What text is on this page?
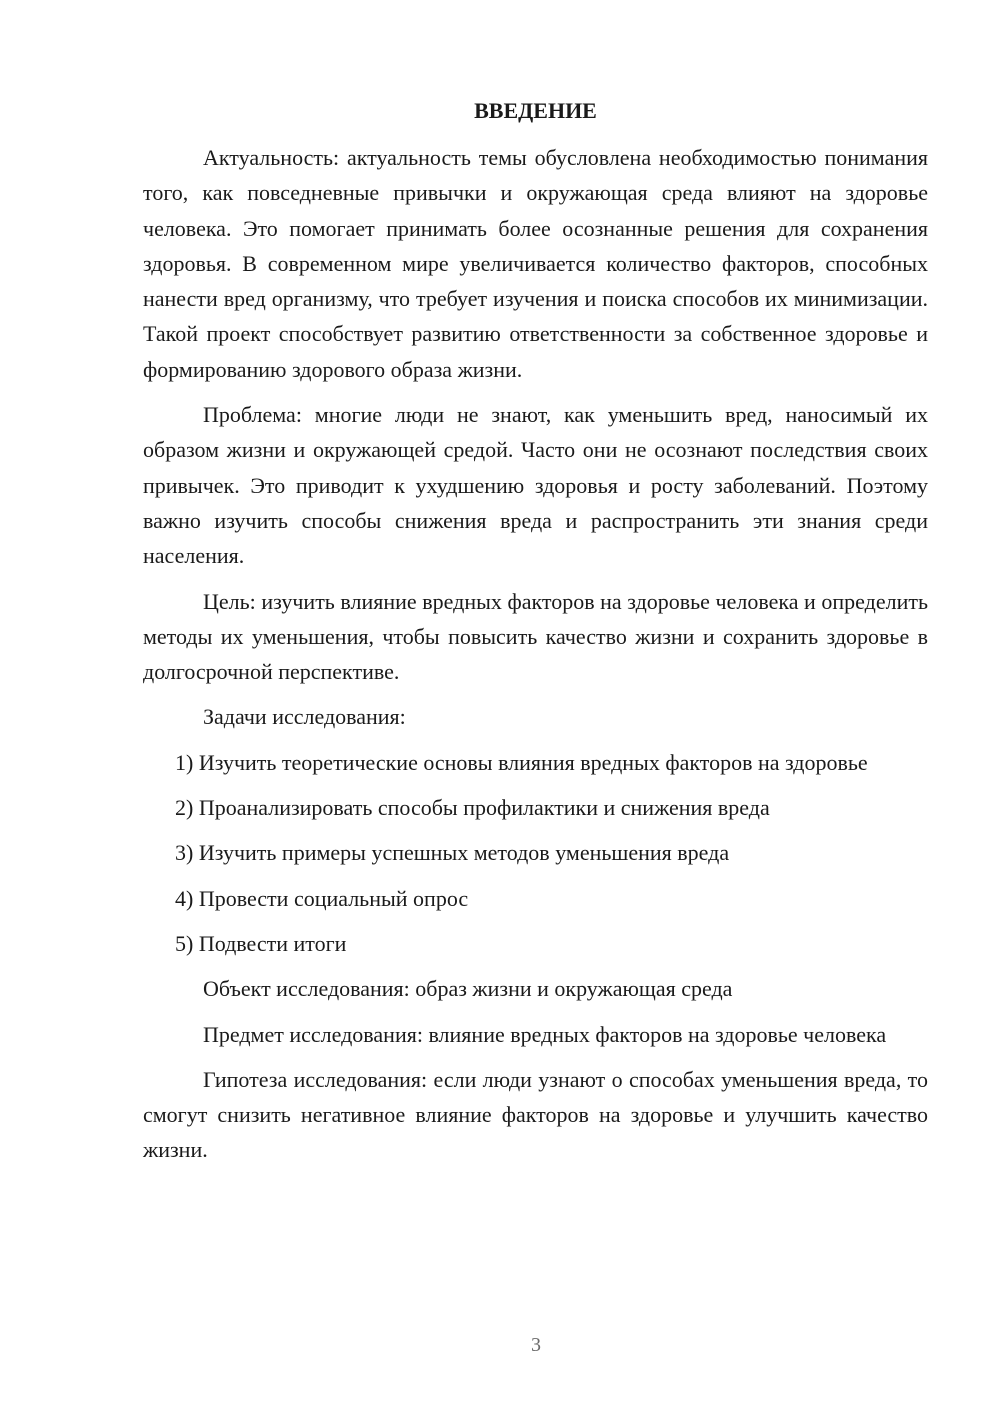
ВВЕДЕНИЕ

Актуальность: актуальность темы обусловлена необходимостью понимания того, как повседневные привычки и окружающая среда влияют на здоровье человека. Это помогает принимать более осознанные решения для сохранения здоровья. В современном мире увеличивается количество факторов, способных нанести вред организму, что требует изучения и поиска способов их минимизации. Такой проект способствует развитию ответственности за собственное здоровье и формированию здорового образа жизни.

Проблема: многие люди не знают, как уменьшить вред, наносимый их образом жизни и окружающей средой. Часто они не осознают последствия своих привычек. Это приводит к ухудшению здоровья и росту заболеваний. Поэтому важно изучить способы снижения вреда и распространить эти знания среди населения.

Цель: изучить влияние вредных факторов на здоровье человека и определить методы их уменьшения, чтобы повысить качество жизни и сохранить здоровье в долгосрочной перспективе.

Задачи исследования:

1) Изучить теоретические основы влияния вредных факторов на здоровье

2) Проанализировать способы профилактики и снижения вреда

3) Изучить примеры успешных методов уменьшения вреда

4) Провести социальный опрос

5) Подвести итоги

Объект исследования: образ жизни и окружающая среда

Предмет исследования: влияние вредных факторов на здоровье человека

Гипотеза исследования: если люди узнают о способах уменьшения вреда, то смогут снизить негативное влияние факторов на здоровье и улучшить качество жизни.

3
